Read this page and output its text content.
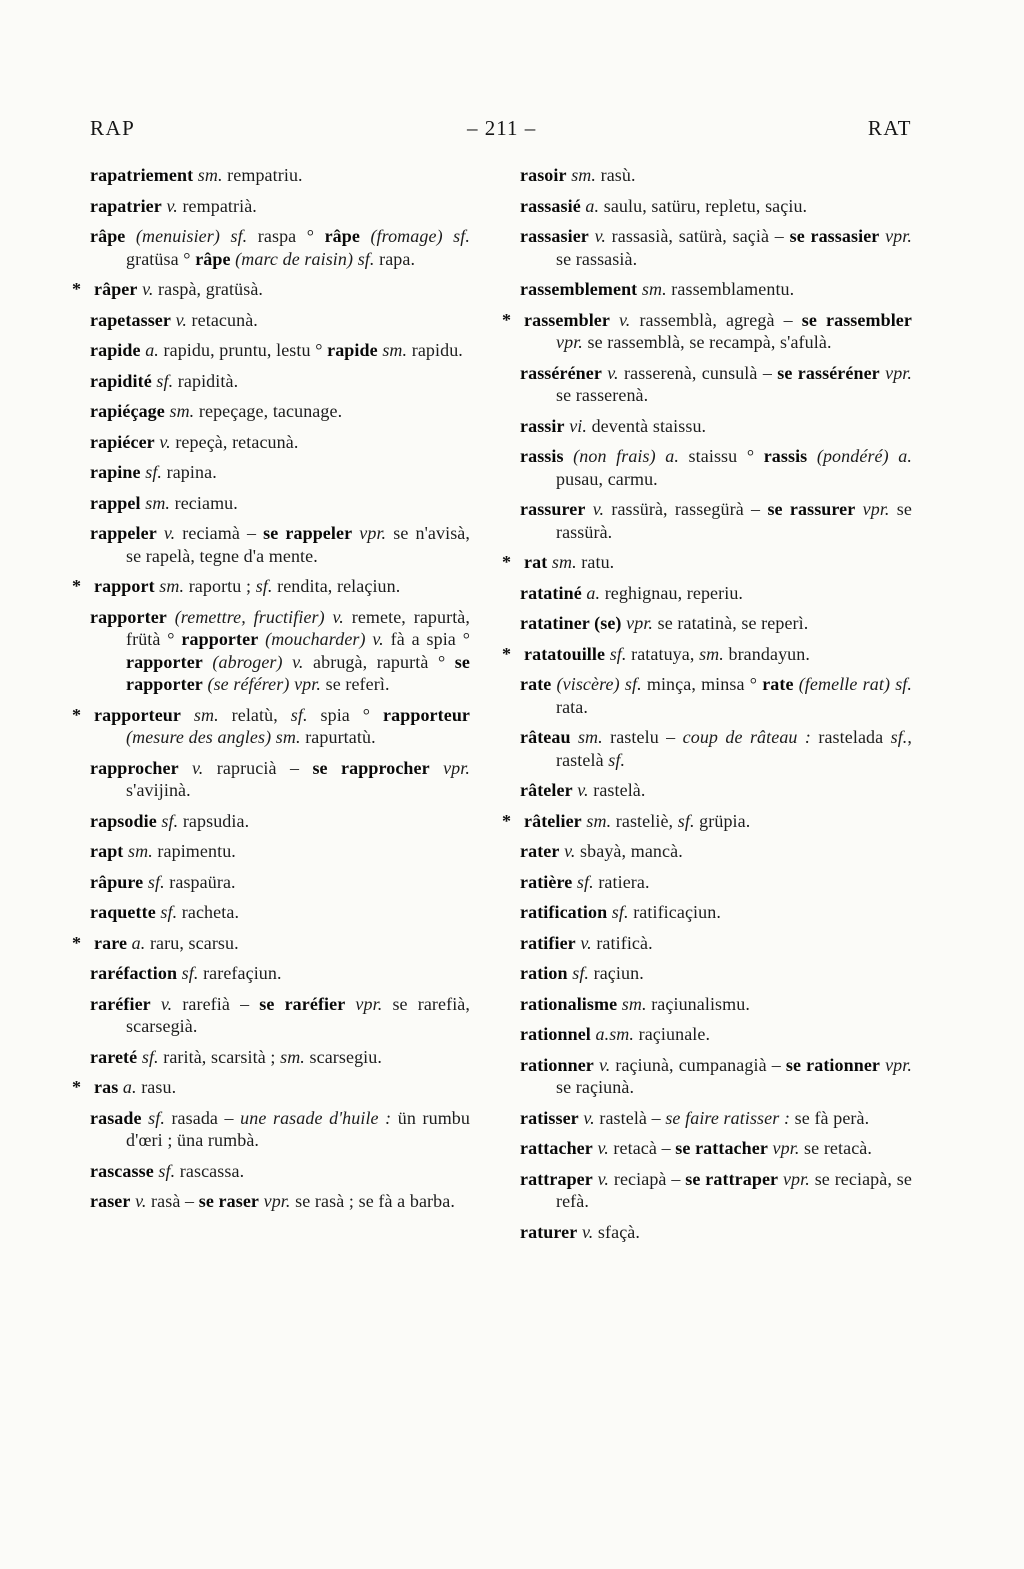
RAP	– 211 –	RAT
rapatriement sm. rempatriu.
rapatrier v. rempatrià.
râpe (menuisier) sf. raspa ° râpe (fromage) sf. gratüsa ° râpe (marc de raisin) sf. rapa.
* râper v. raspà, gratüsà.
rapetasser v. retacunà.
rapide a. rapidu, pruntu, lestu ° rapide sm. rapidu.
rapidité sf. rapidità.
rapiéçage sm. repeçage, tacunage.
rapiécer v. repeçà, retacunà.
rapine sf. rapina.
rappel sm. reciamu.
rappeler v. reciamà – se rappeler vpr. se n'avisà, se rapelà, tegne d'a mente.
* rapport sm. raportu ; sf. rendita, relaçiun.
rapporter (remettre, fructifier) v. remete, rapurtà, frütà ° rapporter (moucharder) v. fà a spia ° rapporter (abroger) v. abrugà, rapurtà ° se rapporter (se référer) vpr. se referì.
* rapporteur sm. relatù, sf. spia ° rapporteur (mesure des angles) sm. rapurtatù.
rapprocher v. raprucià – se rapprocher vpr. s'avijinà.
rapsodie sf. rapsudia.
rapt sm. rapimentu.
râpure sf. raspaüra.
raquette sf. racheta.
* rare a. raru, scarsu.
raréfaction sf. rarefaçiun.
raréfier v. rarefià – se raréfier vpr. se rarefià, scarsegià.
rareté sf. rarità, scarsità ; sm. scarsegiu.
* ras a. rasu.
rasade sf. rasada – une rasade d'huile : ün rumbu d'œri ; üna rumbà.
rascasse sf. rascassa.
raser v. rasà – se raser vpr. se rasà ; se fà a barba.
rasoir sm. rasù.
rassasié a. saulu, satüru, repletu, saçiu.
rassasier v. rassasià, satürà, saçià – se rassasier vpr. se rassasià.
rassemblement sm. rassemblamentu.
* rassembler v. rassemblà, agregà – se rassembler vpr. se rassemblà, se recampà, s'afulà.
rasséréner v. rasserenà, cunsulà – se rasséréner vpr. se rasserenà.
rassir vi. deventà staissu.
rassis (non frais) a. staissu ° rassis (pondéré) a. pusau, carmu.
rassurer v. rassürà, rassegürà – se rassurer vpr. se rassürà.
* rat sm. ratu.
ratatiné a. reghignau, reperiu.
ratatiner (se) vpr. se ratatinà, se reperì.
* ratatouille sf. ratatuya, sm. brandayun.
rate (viscère) sf. minça, minsa ° rate (femelle rat) sf. rata.
râteau sm. rastelu – coup de râteau : rastelada sf., rastelà sf.
râteler v. rastelà.
* râtelier sm. rasteliè, sf. grüpia.
rater v. sbayà, mancà.
ratière sf. ratiera.
ratification sf. ratificaçiun.
ratifier v. ratificà.
ration sf. raçiun.
rationalisme sm. raçiunalismu.
rationnel a.sm. raçiunale.
rationner v. raçiunà, cumpanagià – se rationner vpr. se raçiunà.
ratisser v. rastelà – se faire ratisser : se fà perà.
rattacher v. retacà – se rattacher vpr. se retacà.
rattraper v. reciapà – se rattraper vpr. se reciapà, se refà.
raturer v. sfaçà.
